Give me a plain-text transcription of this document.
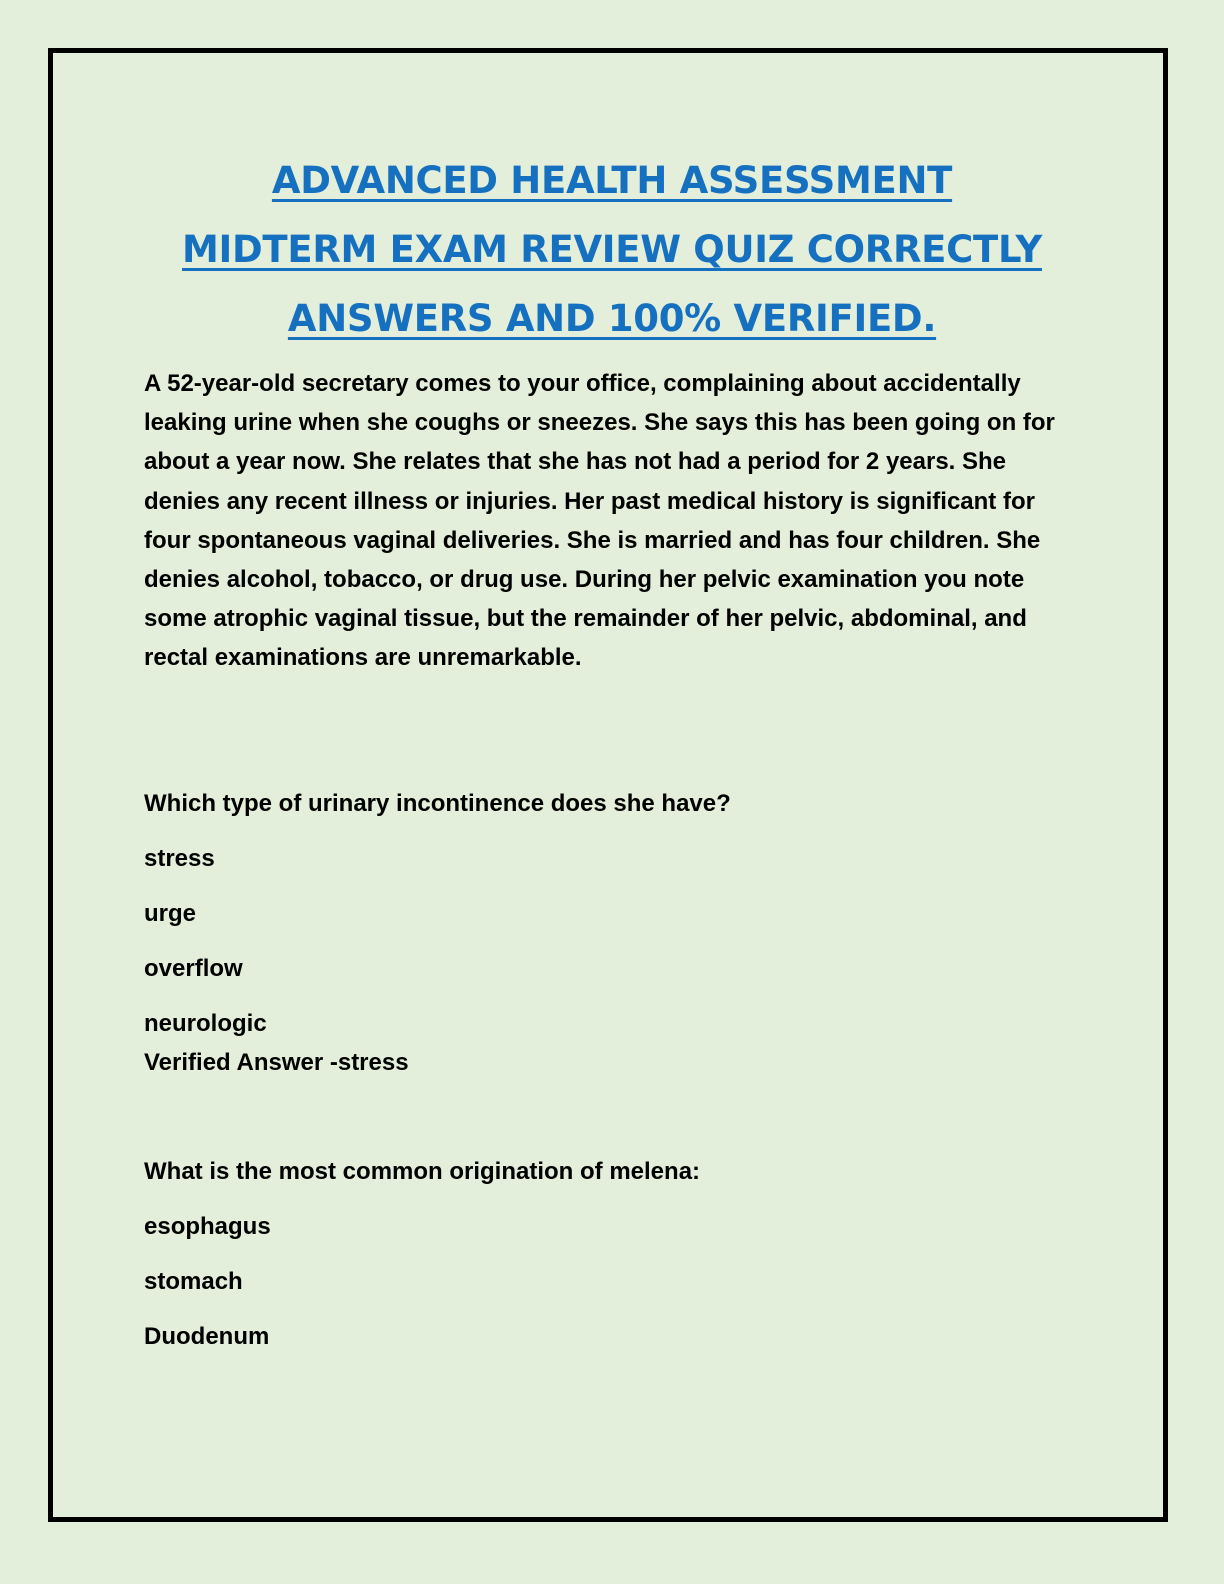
ADVANCED HEALTH ASSESSMENT
MIDTERM EXAM REVIEW QUIZ CORRECTLY
ANSWERS AND 100% VERIFIED.

A 52-year-old secretary comes to your office, complaining about accidentally leaking urine when she coughs or sneezes. She says this has been going on for about a year now. She relates that she has not had a period for 2 years. She denies any recent illness or injuries. Her past medical history is significant for four spontaneous vaginal deliveries. She is married and has four children. She denies alcohol, tobacco, or drug use. During her pelvic examination you note some atrophic vaginal tissue, but the remainder of her pelvic, abdominal, and rectal examinations are unremarkable.

Which type of urinary incontinence does she have?

stress

urge

overflow

neurologic

Verified Answer -stress

What is the most common origination of melena:

esophagus

stomach

Duodenum
